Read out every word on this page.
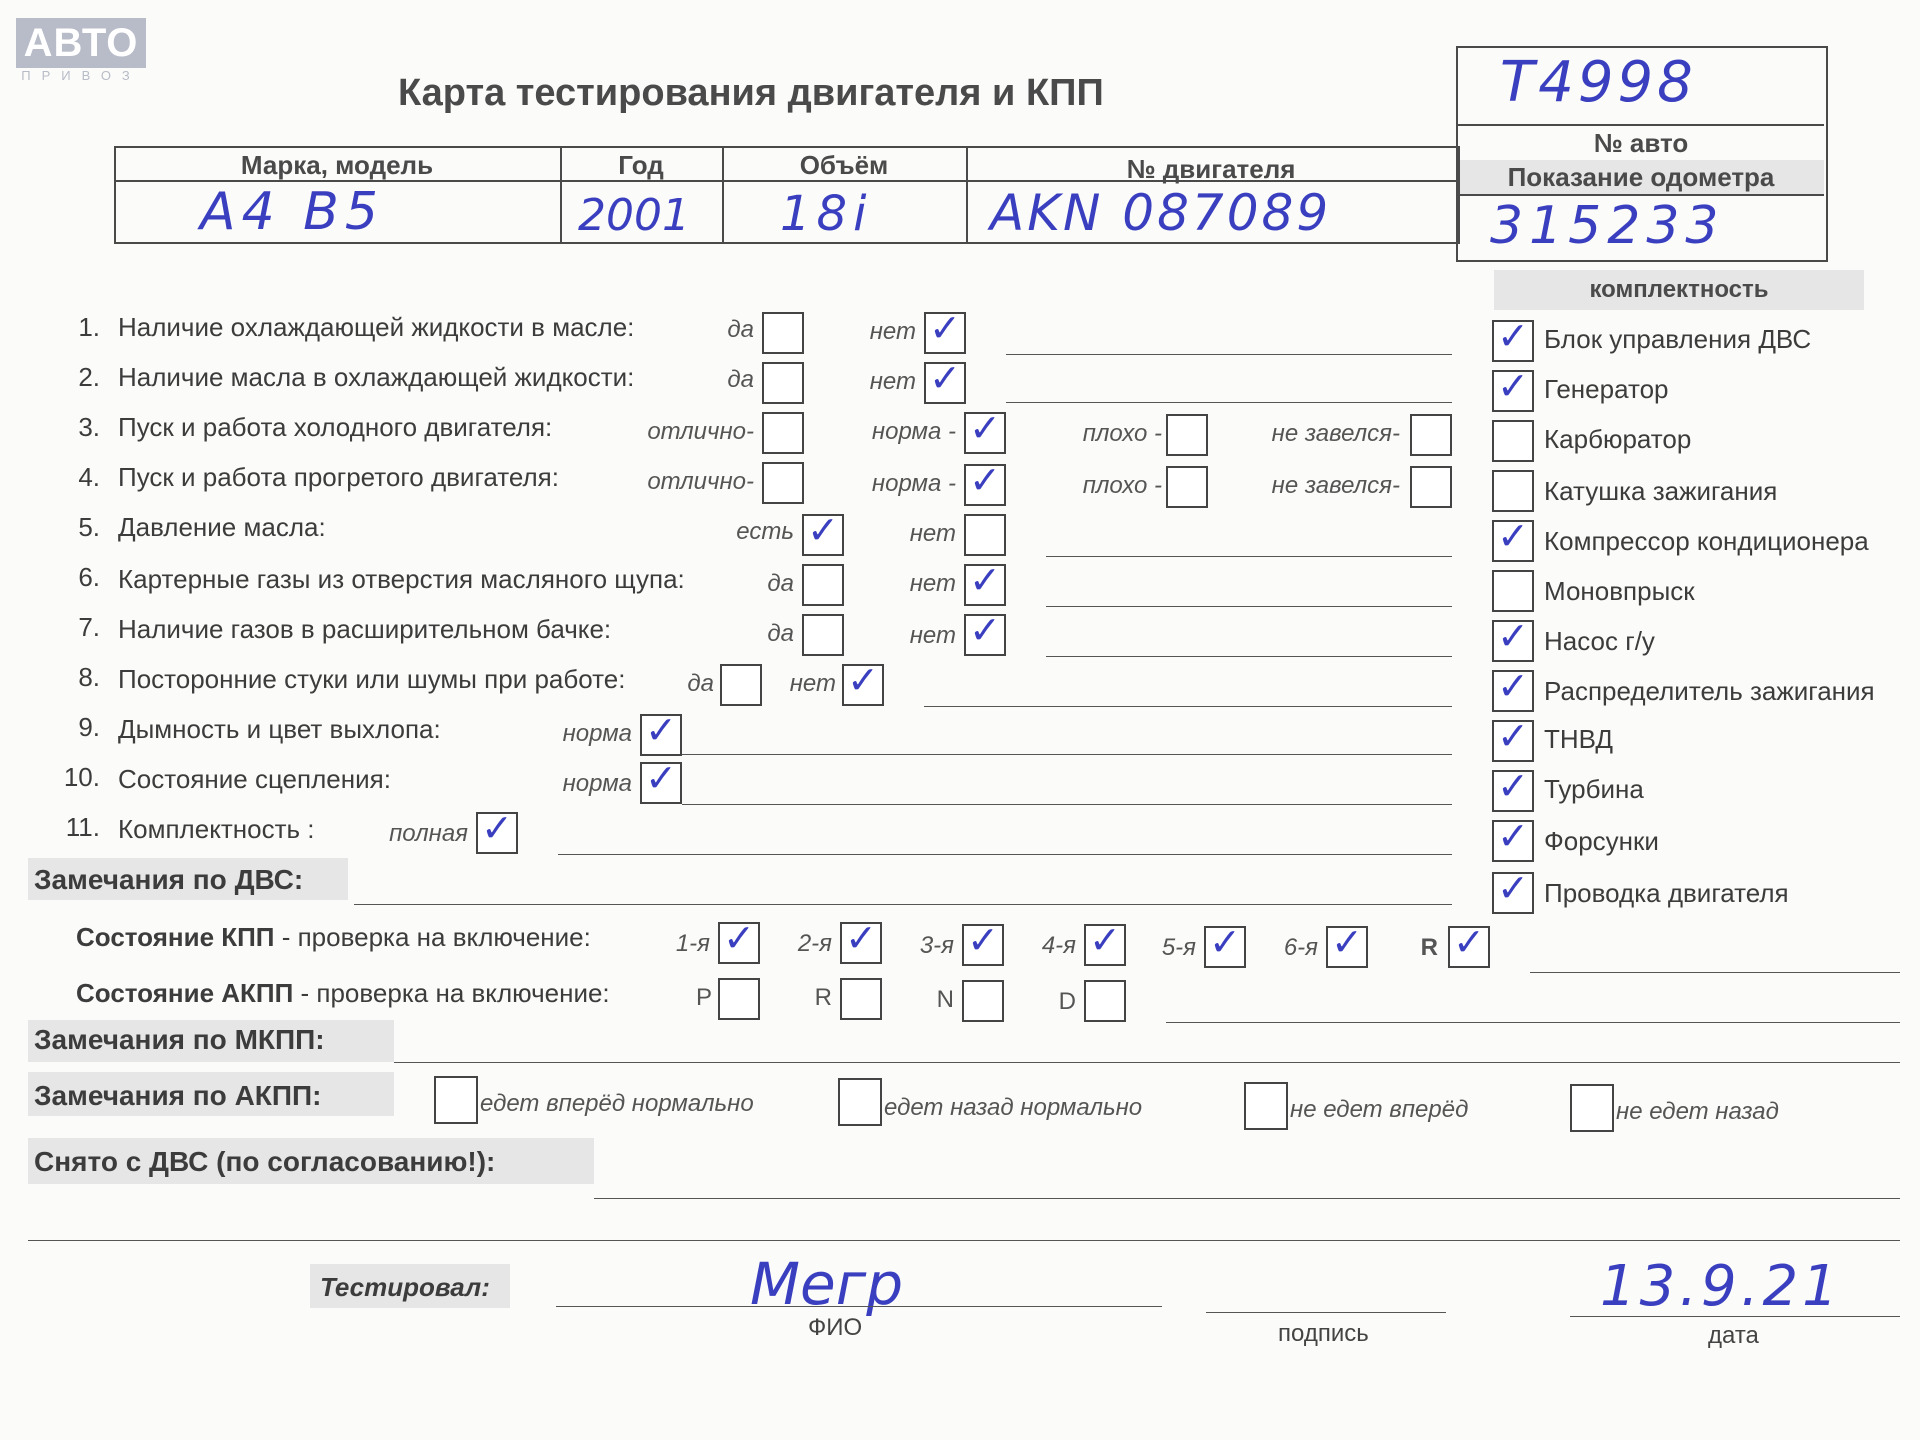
АВТО
ПРИВОЗ	Карта тестирования двигателя и КПП	T4998
№ авто
Показание одометра
315233
Марка, модель	Год	Объём	№ двигателя
A4 B5	2001 18i AKN 087089
комплектность
✓ Блок управления ДВС
✓ Генератор
Карбюратор
Катушка зажигания
✓ Компрессор кондиционера
Моновпрыск
✓ Насос г/у
✓ Распределитель зажигания
✓ ТНВД
✓ Турбина
✓ Форсунки
✓ Проводка двигателя
1. Наличие охлаждающей жидкости в масле:	да	нет ✓
2. Наличие масла в охлаждающей жидкости:	да	нет ✓
3. Пуск и работа холодного двигателя:	отлично-	норма - ✓	плохо -	не завелся-
4. Пуск и работа прогретого двигателя:	отлично-	норма - ✓	плохо -	не завелся-
5. Давление масла:	есть ✓	нет
6. Картерные газы из отверстия масляного щупа:	да	нет ✓
7. Наличие газов в расширительном бачке:	да	нет ✓
8. Посторонние стуки или шумы при работе:	да	нет ✓
9. Дымность и цвет выхлопа:	норма ✓
10. Состояние сцепления:	норма ✓
11. Комплектность :	полная ✓
Замечания по ДВС:
Состояние КПП - проверка на включение:	1-я ✓	2-я ✓	3-я ✓	4-я ✓	5-я ✓	6-я ✓	R ✓
Состояние АКПП - проверка на включение:	P	R	N	D
Замечания по МКПП:
Замечания по АКПП:	едет вперёд нормально	едет назад нормально	не едет вперёд	не едет назад
Снято с ДВС (по согласованию!):
Тестировал:	Мегр
ФИО	подпись
13.9.21
дата
